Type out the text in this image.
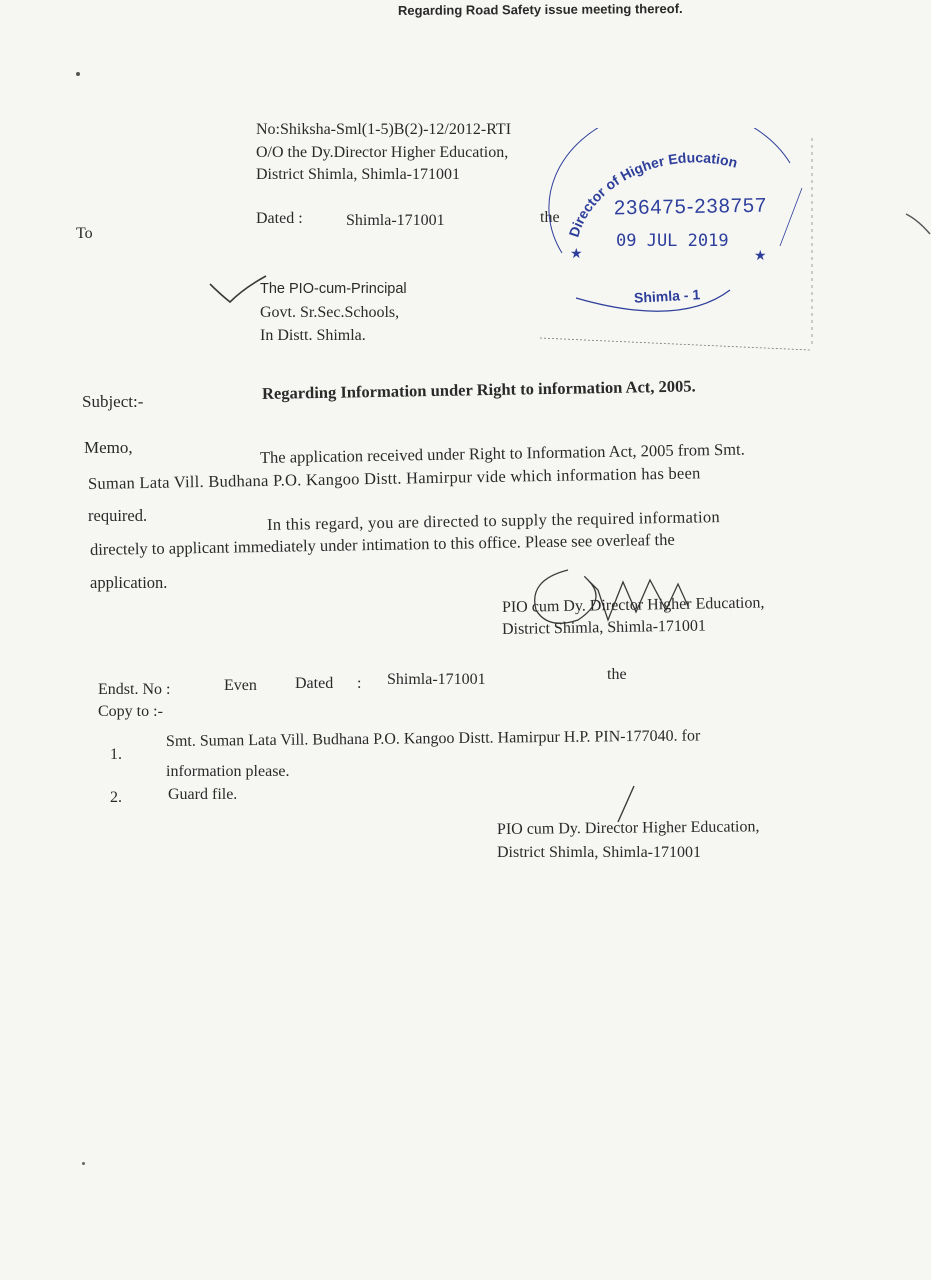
Regarding Road Safety issue meeting thereof.
No:Shiksha-Sml(1-5)B(2)-12/2012-RTI
O/O the Dy.Director Higher Education,
District Shimla, Shimla-171001
Dated :	Shimla-171001	the
To
The PIO-cum-Principal
Govt. Sr.Sec.Schools,
In Distt. Shimla.
Director of Higher Education
★	★
236475-238757
09 JUL 2019
Shimla - 1
Subject:-	Regarding Information under Right to information Act, 2005.
Memo,	The application received under Right to Information Act, 2005 from Smt.
Suman Lata Vill. Budhana P.O. Kangoo Distt. Hamirpur vide which information has been
required.	In this regard, you are directed to supply the required information
directely to applicant immediately under intimation to this office. Please see overleaf the
application.
PIO cum Dy. Director Higher Education,
District Shimla, Shimla-171001
Endst. No :	Even Dated : Shimla-171001	the
Copy to :-
1.
Smt. Suman Lata Vill. Budhana P.O. Kangoo Distt. Hamirpur H.P. PIN-177040. for
information please.
2.	Guard file.
PIO cum Dy. Director Higher Education,
District Shimla, Shimla-171001
